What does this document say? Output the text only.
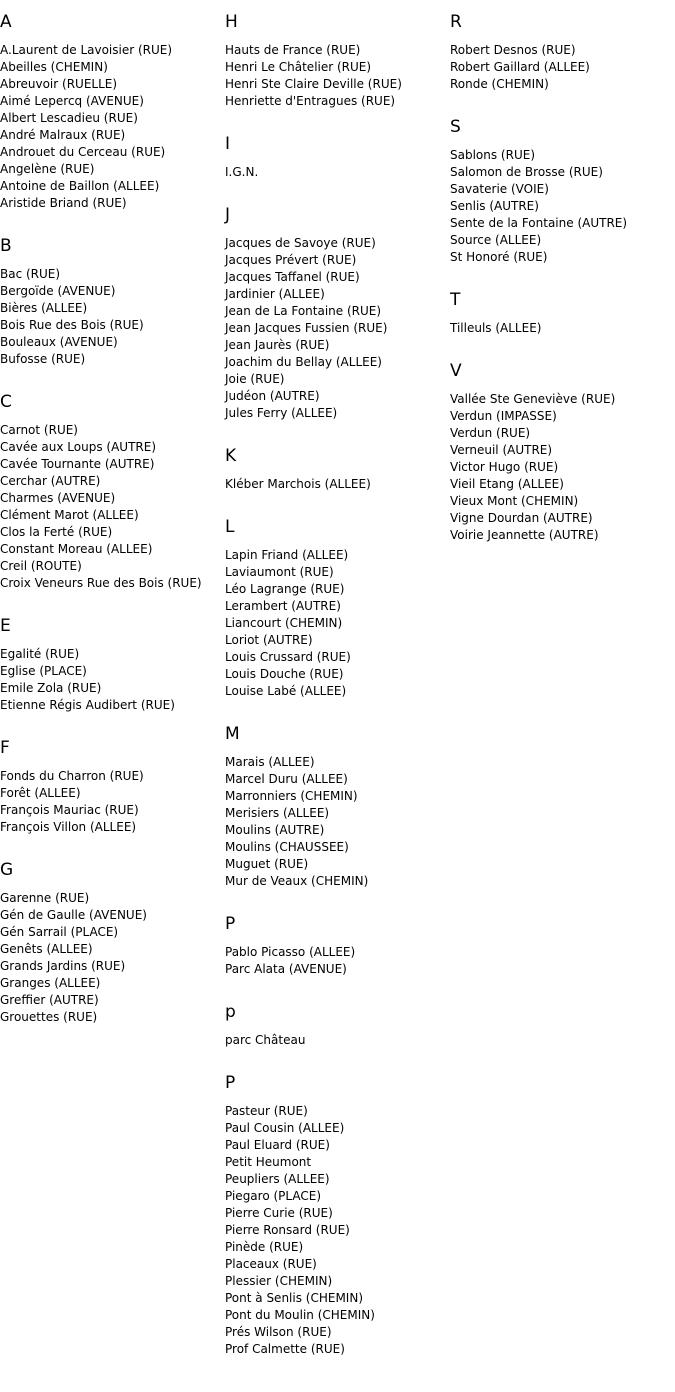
A
A.Laurent de Lavoisier (RUE)
Abeilles (CHEMIN)
Abreuvoir (RUELLE)
Aimé Lepercq (AVENUE)
Albert Lescadieu (RUE)
André Malraux (RUE)
Androuet du Cerceau (RUE)
Angelène (RUE)
Antoine de Baillon (ALLEE)
Aristide Briand (RUE)
B
Bac (RUE)
Bergoïde (AVENUE)
Bières (ALLEE)
Bois Rue des Bois (RUE)
Bouleaux (AVENUE)
Bufosse (RUE)
C
Carnot (RUE)
Cavée aux Loups (AUTRE)
Cavée Tournante (AUTRE)
Cerchar (AUTRE)
Charmes (AVENUE)
Clément Marot (ALLEE)
Clos la Ferté (RUE)
Constant Moreau (ALLEE)
Creil (ROUTE)
Croix Veneurs Rue des Bois (RUE)
E
Egalité (RUE)
Eglise (PLACE)
Emile Zola (RUE)
Etienne Régis Audibert (RUE)
F
Fonds du Charron (RUE)
Forêt (ALLEE)
François Mauriac (RUE)
François Villon (ALLEE)
G
Garenne (RUE)
Gén de Gaulle (AVENUE)
Gén Sarrail (PLACE)
Genêts (ALLEE)
Grands Jardins (RUE)
Granges (ALLEE)
Greffier (AUTRE)
Grouettes (RUE)
H
Hauts de France (RUE)
Henri Le Châtelier (RUE)
Henri Ste Claire Deville (RUE)
Henriette d'Entragues (RUE)
I
I.G.N.
J
Jacques de Savoye (RUE)
Jacques Prévert (RUE)
Jacques Taffanel (RUE)
Jardinier (ALLEE)
Jean de La Fontaine (RUE)
Jean Jacques Fussien (RUE)
Jean Jaurès (RUE)
Joachim du Bellay (ALLEE)
Joie (RUE)
Judéon (AUTRE)
Jules Ferry (ALLEE)
K
Kléber Marchois (ALLEE)
L
Lapin Friand (ALLEE)
Laviaumont (RUE)
Léo Lagrange (RUE)
Lerambert (AUTRE)
Liancourt (CHEMIN)
Loriot (AUTRE)
Louis Crussard (RUE)
Louis Douche (RUE)
Louise Labé (ALLEE)
M
Marais (ALLEE)
Marcel Duru (ALLEE)
Marronniers (CHEMIN)
Merisiers (ALLEE)
Moulins (AUTRE)
Moulins (CHAUSSEE)
Muguet (RUE)
Mur de Veaux (CHEMIN)
P
Pablo Picasso (ALLEE)
Parc Alata (AVENUE)
p
parc Château
P
Pasteur (RUE)
Paul Cousin (ALLEE)
Paul Eluard (RUE)
Petit Heumont
Peupliers (ALLEE)
Piegaro (PLACE)
Pierre Curie (RUE)
Pierre Ronsard (RUE)
Pinède (RUE)
Placeaux (RUE)
Plessier (CHEMIN)
Pont à Senlis (CHEMIN)
Pont du Moulin (CHEMIN)
Prés Wilson (RUE)
Prof Calmette (RUE)
R
Robert Desnos (RUE)
Robert Gaillard (ALLEE)
Ronde (CHEMIN)
S
Sablons (RUE)
Salomon de Brosse (RUE)
Savaterie (VOIE)
Senlis (AUTRE)
Sente de la Fontaine (AUTRE)
Source (ALLEE)
St Honoré (RUE)
T
Tilleuls (ALLEE)
V
Vallée Ste Geneviève (RUE)
Verdun (IMPASSE)
Verdun (RUE)
Verneuil (AUTRE)
Victor Hugo (RUE)
Vieil Etang (ALLEE)
Vieux Mont (CHEMIN)
Vigne Dourdan (AUTRE)
Voirie Jeannette (AUTRE)
